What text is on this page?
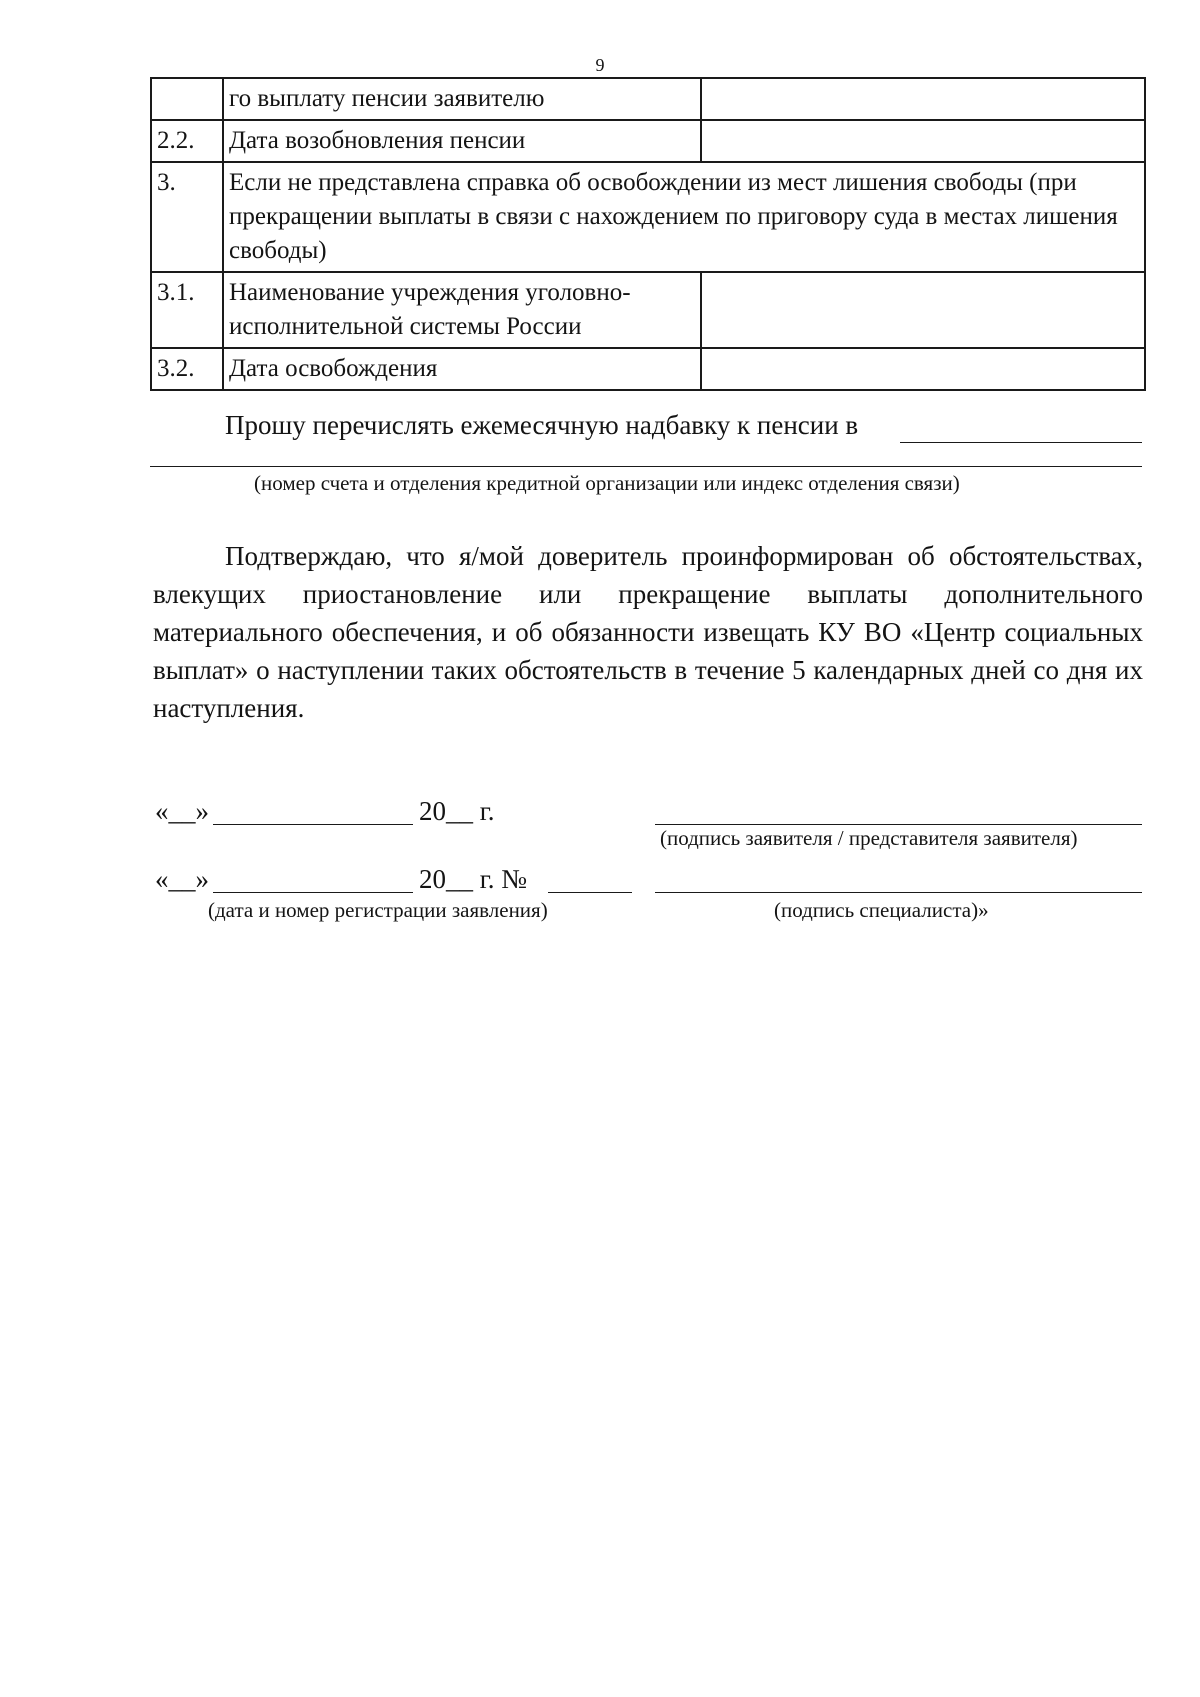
9
	го выплату пенсии заявителю	
2.2.	Дата возобновления пенсии	
3.	Если не представлена справка об освобождении из мест лишения свободы (при прекращении выплаты в связи с нахождением по приговору суда в местах лишения свободы)	
3.1.	Наименование учреждения уголовно-исполнительной системы России	
3.2.	Дата освобождения	
Прошу перечислять ежемесячную надбавку к пенсии в
(номер счета и отделения кредитной организации или индекс отделения связи)

Подтверждаю, что я/мой доверитель проинформирован об обстоятельствах, влекущих приостановление или прекращение выплаты дополнительного материального обеспечения, и об обязанности извещать КУ ВО «Центр социальных выплат» о наступлении таких обстоятельств в течение 5 календарных дней со дня их наступления.

«__»	20__ г.
(подпись заявителя / представителя заявителя)
«__»	20__ г. №
(дата и номер регистрации заявления)	(подпись специалиста)»
